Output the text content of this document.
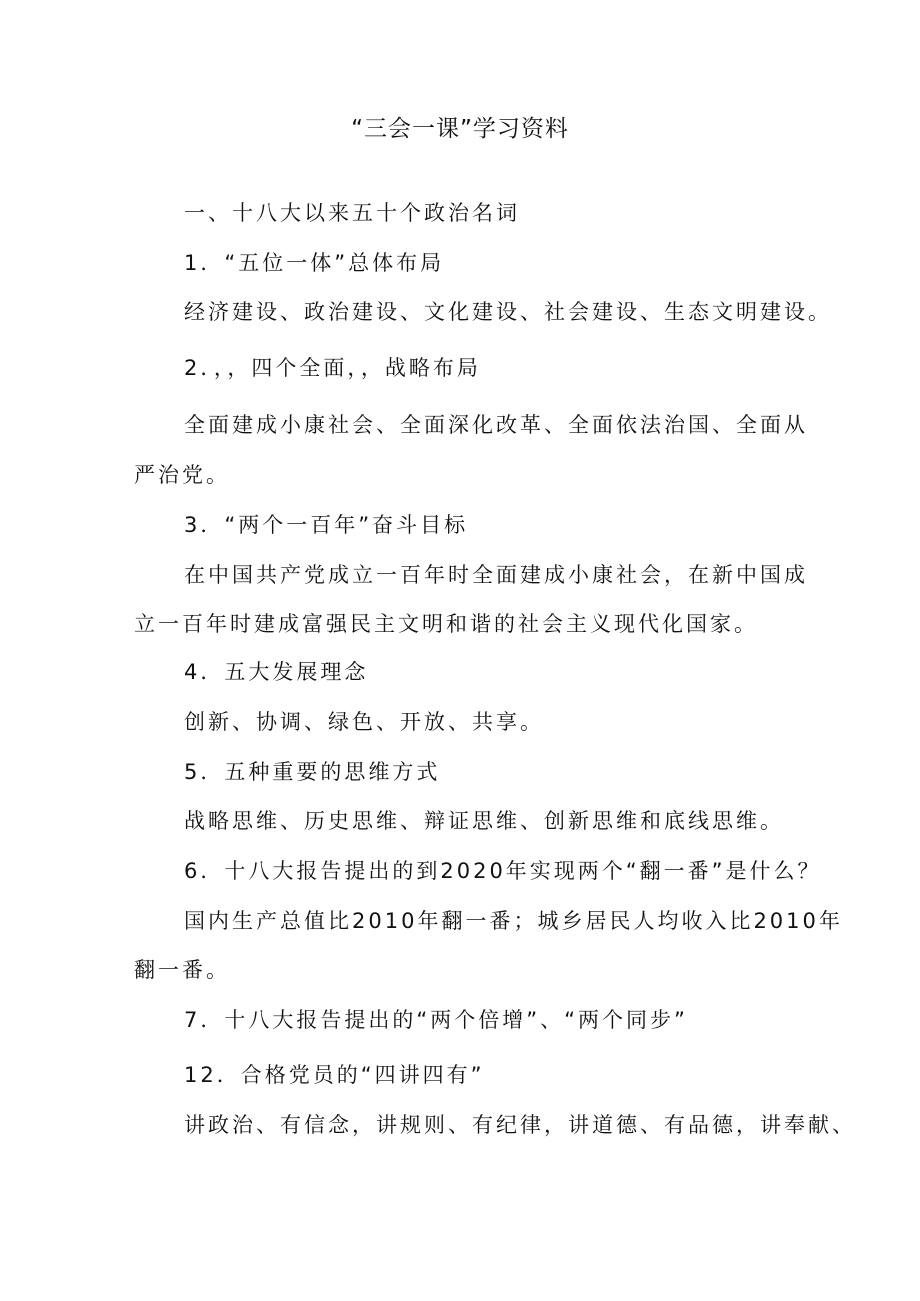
“三会一课”学习资料
一、十八大以来五十个政治名词
1．“五位一体”总体布局
经济建设、政治建设、文化建设、社会建设、生态文明建设。
2．，，四个全面，，战略布局
全面建成小康社会、全面深化改革、全面依法治国、全面从
严治党。
3．“两个一百年”奋斗目标
在中国共产党成立一百年时全面建成小康社会，在新中国成
立一百年时建成富强民主文明和谐的社会主义现代化国家。
4．五大发展理念
创新、协调、绿色、开放、共享。
5．五种重要的思维方式
战略思维、历史思维、辩证思维、创新思维和底线思维。
6．十八大报告提出的到2020年实现两个“翻一番”是什么？
国内生产总值比2010年翻一番；城乡居民人均收入比2010年
翻一番。
7．十八大报告提出的“两个倍增”、“两个同步”
12．合格党员的“四讲四有”
讲政治、有信念，讲规则、有纪律，讲道德、有品德，讲奉献、
